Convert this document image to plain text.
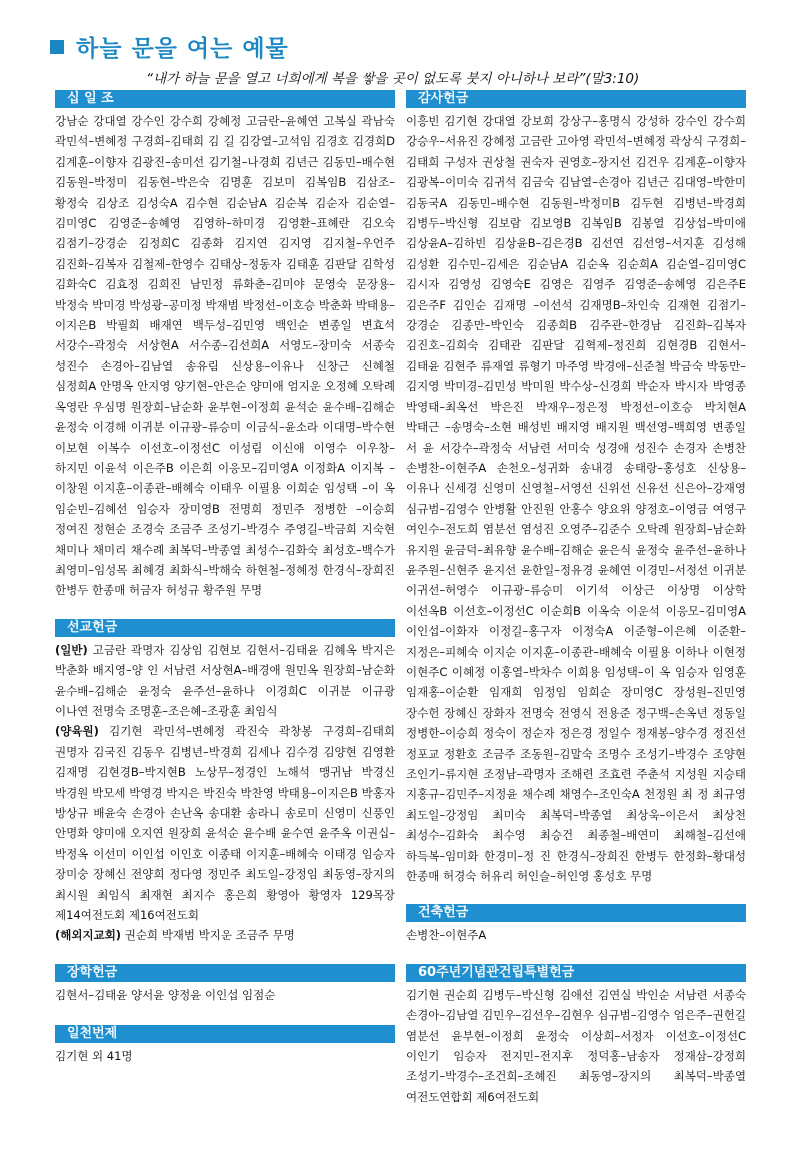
하늘 문을 여는 예물
“내가 하늘 문을 열고 너희에게 복을 쌓을 곳이 없도록 붓지 아니하나 보라”(말3:10)
십 일 조
강남순 강대열 강수인 강수희 강혜정 고금란–윤혜연 고복실 곽남숙 곽민석–변혜정 구경희–김태희 김 길 김강열–고석임 김경호 김경희D 김계훈–이향자 김광진–송미선 김기철–나경희 김년근 김동민–배수현 김동원–박정미 김동현–박은숙 김명훈 김보미 김복임B 김삼조–황정숙 김상조 김성숙A 김수현 김순남A 김순복 김순자 김순열–김미영C 김영준–송혜영 김영하–하미경 김영환–표혜란 김오숙 김점기–강경순 김정희C 김종화 김지연 김지영 김지철–우언주 김진화–김복자 김철제–한영수 김태상–정동자 김태훈 김판달 김학성 김화숙C 김효정 김희진 남민정 류화춘–김미야 문영숙 문장용–박정숙 박미경 박성광–공미정 박재범 박정선–이호승 박춘화 박태용–이지은B 박필희 배재연 백두성–김민영 백인순 변종일 변효석 서강수–곽정숙 서상현A 서수종–김선희A 서영도–장미숙 서종숙 성진수 손경아–김남열 송유림 신상용–이유나 신창근 신혜철 심정희A 안명옥 안지영 양기현–안은순 양미애 엄지운 오정혜 오탁례 옥영란 우심명 원장희–남순화 윤부현–이정희 윤석순 윤수배–김해순 윤정숙 이경해 이귀분 이규광–류승미 이금식–윤소라 이대명–박수현 이보현 이복수 이선호–이정선C 이성림 이신애 이영수 이우창–하지민 이윤석 이은주B 이은희 이응모–김미영A 이정화A 이지복 –이창원 이지훈–이종관–배혜숙 이태우 이필용 이희순 임성택 –이 옥 임순빈–김혜선 임승자 장미영B 전명희 정민주 정병한 –이승희 정여진 정현순 조경숙 조금주 조성기–박경수 주영길–박금희 지숙현 채미나 채미리 채수례 최복덕–박종열 최성수–김화숙 최성호–백수가 최영미–임성목 최혜경 최화식–박해숙 하현철–정혜정 한경식–장희진 한병두 한종매 허금자 허성규 황주원 무명
선교헌금

(일반) 고금란 곽명자 김상임 김현보 김현서–김태윤 김혜옥 박지은 박춘화 배지영–양 인 서남련 서상현A–배경애 원민옥 원장희–남순화 윤수배–김해순 윤정숙 윤주선–윤하나 이경희C 이귀분 이규광 이나연 전명숙 조명훈–조은혜–조광훈 최임식

(양육원) 김기현 곽민석–변혜정 곽진숙 곽창봉 구경희–김태희 권명자 김국진 김동우 김병년–박경희 김세나 김수경 김양현 김영환 김재명 김현경B–박지현B 노상무–정경인 노해석 맹귀남 박경신 박경원 박모세 박영경 박지은 박진숙 박찬영 박태용–이지은B 박홍자 방상규 배윤숙 손경아 손난옥 송대환 송라니 송로미 신영미 신풍인 안명화 양미애 오지연 원장희 윤석순 윤수배 윤수연 윤주옥 이권십–박정옥 이선미 이인섭 이인호 이종태 이지훈–배혜숙 이태경 임승자 장미숭 장혜신 전양희 정다영 정민주 최도일–강정임 최동영–장지의 최시원 최임식 최재현 최지수 홍은희 황영아 황영자 129목장 제14여전도회 제16여전도회

(해외지교회) 권순희 박재범 박지운 조금주 무명

장학헌금
김현서–김태윤 양서윤 양정윤 이인섭 임점순
일천번제
김기현 외 41명
감사헌금
이흥빈 김기현 강대열 강보희 강상구–홍명식 강성하 강수인 강수희 강승우–서유진 강혜정 고금란 고아영 곽민석–변혜정 곽상식 구경희–김태희 구성자 권상철 권숙자 권영호–장지선 김건우 김계훈–이향자 김광복–이미숙 김귀석 김금숙 김남열–손경아 김년근 김대영–박한미 김동국A 김동민–배수현 김동원–박정미B 김두현 김병년–박경희 김병두–박신형 김보람 김보영B 김복임B 김봉열 김상섭–박미애 김상윤A–김하빈 김상윤B–김은경B 김선연 김선영–서지훈 김성해 김성환 김수민–김세은 김순남A 김순옥 김순희A 김순열–김미영C 김시자 김영성 김영숙E 김영은 김영주 김영준–송혜영 김은주E 김은주F 김인순 김재명 –이선석 김재명B–차인숙 김재현 김점기–강경순 김종만–박인숙 김종희B 김주관–한경남 김진화–김복자 김진호–김희숙 김태관 김판달 김혁제–정진희 김현경B 김현서–김태윤 김현주 류재열 류형기 마주영 박경애–신준철 박금숙 박동만–김지영 박미경–김민성 박미원 박수상–신경희 박순자 박시자 박영종 박영태–최옥선 박은진 박재우–정은정 박정선–이호승 박치현A 박태근 –송명숙–소현 배성빈 배지영 배지원 백선영–백희영 변종일 서 윤 서강수–곽정숙 서남련 서미숙 성경애 성진수 손경자 손병찬 손병찬–이현주A 손천오–성귀화 송내경 송태랑–홍성호 신상용–이유나 신세경 신영미 신영철–서영선 신위선 신유선 신은아–강재영 심규범–김영수 안병활 안진원 안홍수 양요위 양정호–이영금 여영구 여인수–전도희 염분선 염성진 오영주–김준수 오탁례 원장희–남순화 유지원 윤금덕–최유향 윤수배–김해순 윤은식 윤정숙 윤주선–윤하나 윤주원–신현주 윤지선 윤한일–정유경 윤혜연 이경민–서정선 이귀분 이귀선–허영수 이규광–류승미 이기석 이상근 이상명 이상학 이선옥B 이선호–이정선C 이순희B 이옥숙 이운석 이응모–김미영A 이인섭–이화자 이정길–홍구자 이정숙A 이준형–이은혜 이준환–지정은–피혜숙 이지순 이지훈–이종관–배혜숙 이필용 이하나 이현정 이현주C 이혜정 이홍열–박차수 이희용 임성택–이 옥 임승자 임영훈 임재홍–이순환 임재희 임정임 임희순 장미영C 장성원–진민영 장수헌 장혜신 장화자 전명숙 전영식 전용준 정구백–손옥년 정동일 정병한–이승희 정숙이 정순자 정은경 정일수 정재봉–양수경 정진선 정포교 정환호 조금주 조동원–김말숙 조명수 조성기–박경수 조양현 조인기–류지현 조정남–곽명자 조해련 조효련 주춘석 지성원 지승태 지홍규–김민주–지정윤 채수례 채영수–조인숙A 천정원 최 정 최규영 최도일–강정임 최미숙 최복덕–박종열 최상욱–이은서 최상천 최성수–김화숙 최수영 최승건 최종철–배연미 최해철–김선애 하득복–임미화 한경미–정 진 한경식–장희진 한병두 한정화–황대성 한종매 허경숙 허유리 허인슬–허인영 홍성호 무명
건축헌금
손병찬–이현주A
60주년기념관건립특별헌금
김기현 권순희 김병두–박신형 김애선 김연실 박인순 서남련 서종숙 손경아–김남열 김민우–김선우–김현우 심규범–김영수 엄은주–권헌길 염분선 윤부현–이정희 윤정숙 이상희–서정자 이선호–이정선C 이인기 임승자 전지민–전지후 정덕홍–남송자 정재삼–강정희 조성기–박경수–조건희–조혜진 최동영–장지의 최복덕–박종열 여전도연합회 제6여전도회
